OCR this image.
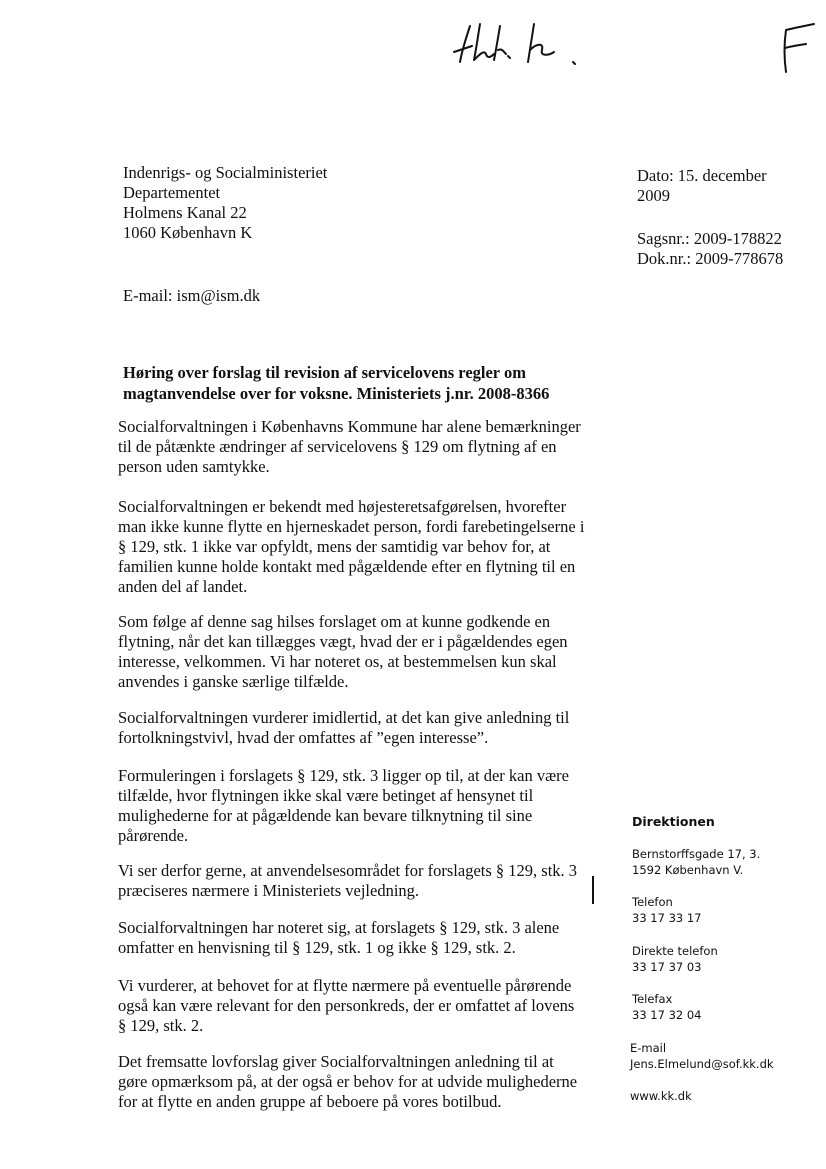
Indenrigs- og Socialministeriet
Departementet
Holmens Kanal 22
1060 København K
E-mail: ism@ism.dk
Dato: 15. december
2009
Sagsnr.: 2009-178822
Dok.nr.: 2009-778678
Høring over forslag til revision af servicelovens regler om
magtanvendelse over for voksne. Ministeriets j.nr. 2008-8366
Socialforvaltningen i Københavns Kommune har alene bemærkninger
til de påtænkte ændringer af servicelovens § 129 om flytning af en
person uden samtykke.
Socialforvaltningen er bekendt med højesteretsafgørelsen, hvorefter
man ikke kunne flytte en hjerneskadet person, fordi farebetingelserne i
§ 129, stk. 1 ikke var opfyldt, mens der samtidig var behov for, at
familien kunne holde kontakt med pågældende efter en flytning til en
anden del af landet.
Som følge af denne sag hilses forslaget om at kunne godkende en
flytning, når det kan tillægges vægt, hvad der er i pågældendes egen
interesse, velkommen. Vi har noteret os, at bestemmelsen kun skal
anvendes i ganske særlige tilfælde.
Socialforvaltningen vurderer imidlertid, at det kan give anledning til
fortolkningstvivl, hvad der omfattes af ”egen interesse”.
Formuleringen i forslagets § 129, stk. 3 ligger op til, at der kan være
tilfælde, hvor flytningen ikke skal være betinget af hensynet til
mulighederne for at pågældende kan bevare tilknytning til sine
pårørende.
Vi ser derfor gerne, at anvendelsesområdet for forslagets § 129, stk. 3
præciseres nærmere i Ministeriets vejledning.
Socialforvaltningen har noteret sig, at forslagets § 129, stk. 3 alene
omfatter en henvisning til § 129, stk. 1 og ikke § 129, stk. 2.
Vi vurderer, at behovet for at flytte nærmere på eventuelle pårørende
også kan være relevant for den personkreds, der er omfattet af lovens
§ 129, stk. 2.
Det fremsatte lovforslag giver Socialforvaltningen anledning til at
gøre opmærksom på, at der også er behov for at udvide mulighederne
for at flytte en anden gruppe af beboere på vores botilbud.
Direktionen
Bernstorffsgade 17, 3.
1592 København V.
Telefon
33 17 33 17
Direkte telefon
33 17 37 03
Telefax
33 17 32 04
E-mail
Jens.Elmelund@sof.kk.dk
www.kk.dk
